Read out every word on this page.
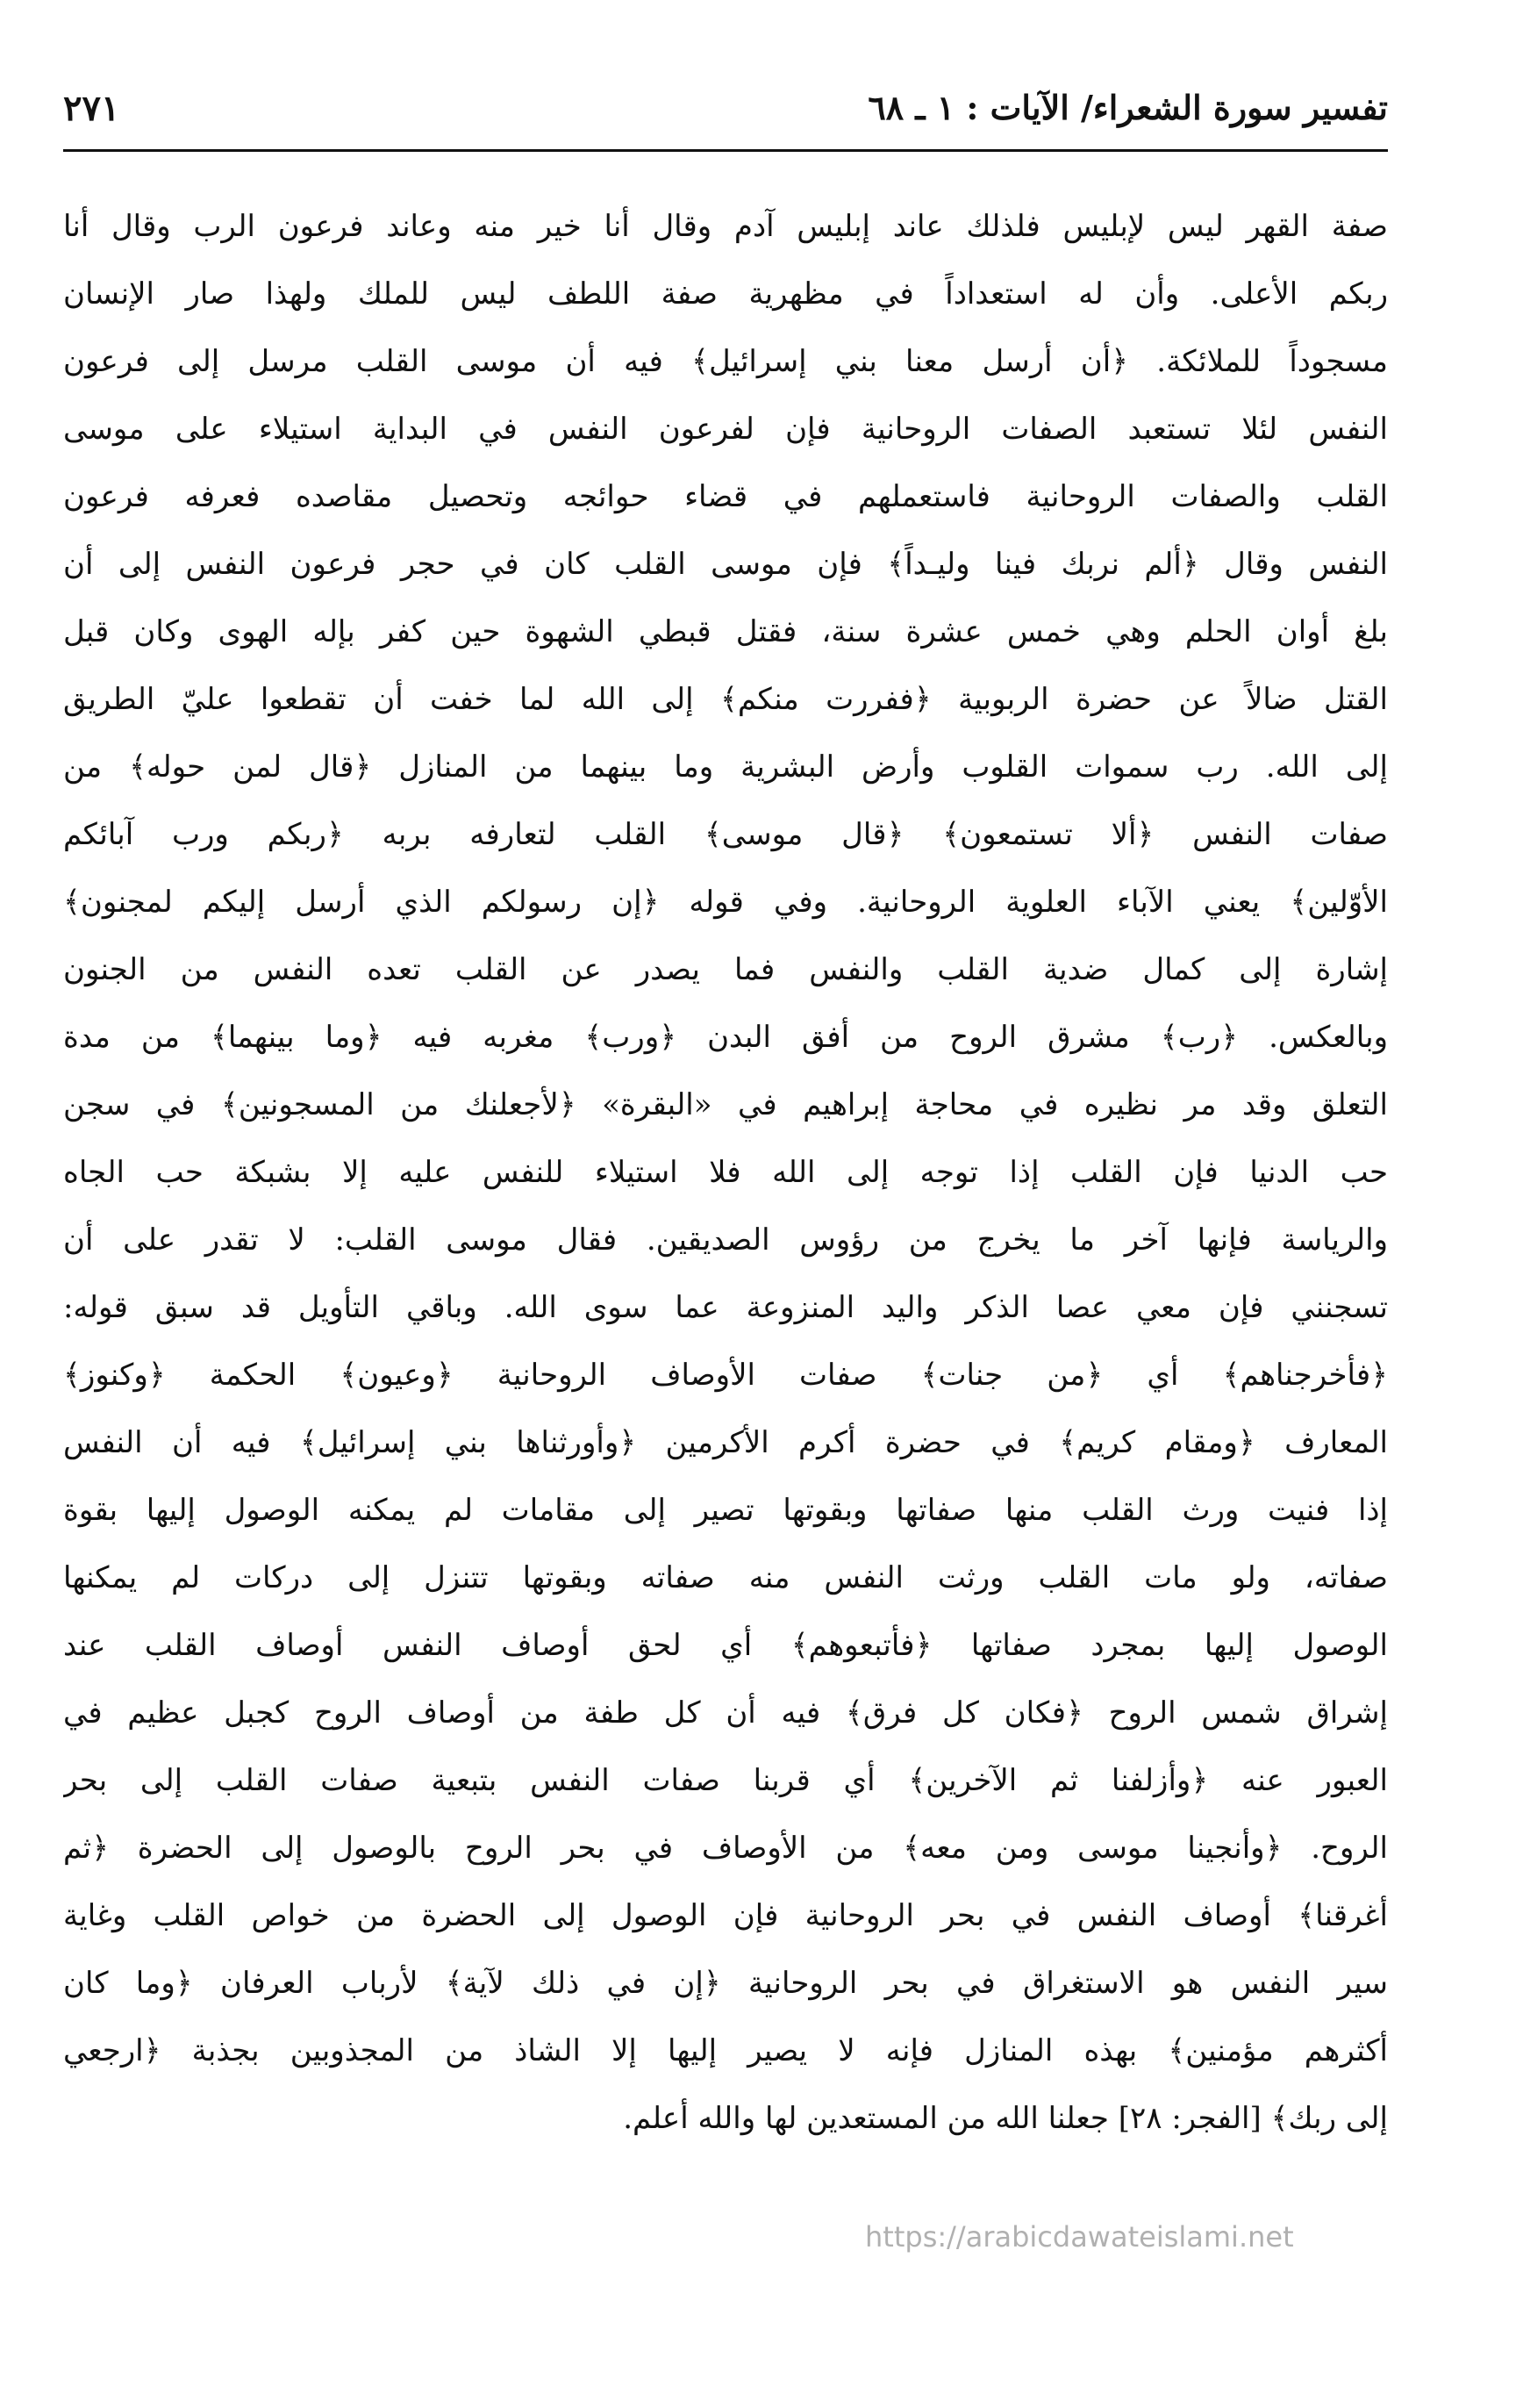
تفسير سورة الشعراء/ الآيات : ١ ـ ٦٨
٢٧١
صفة القهر ليس لإبليس فلذلك عاند إبليس آدم وقال أنا خير منه وعاند فرعون الرب وقال أنا
ربكم الأعلى. وأن له استعداداً في مظهرية صفة اللطف ليس للملك ولهذا صار الإنسان
مسجوداً للملائكة. ﴿أن أرسل معنا بني إسرائيل﴾ فيه أن موسى القلب مرسل إلى فرعون
النفس لئلا تستعبد الصفات الروحانية فإن لفرعون النفس في البداية استيلاء على موسى
القلب والصفات الروحانية فاستعملهم في قضاء حوائجه وتحصيل مقاصده فعرفه فرعون
النفس وقال ﴿ألم نربك فينا وليـداً﴾ فإن موسى القلب كان في حجر فرعون النفس إلى أن
بلغ أوان الحلم وهي خمس عشرة سنة، فقتل قبطي الشهوة حين كفر بإله الهوى وكان قبل
القتل ضالاً عن حضرة الربوبية ﴿ففررت منكم﴾ إلى الله لما خفت أن تقطعوا عليّ الطريق
إلى الله. رب سموات القلوب وأرض البشرية وما بينهما من المنازل ﴿قال لمن حوله﴾ من
صفات النفس ﴿ألا تستمعون﴾ ﴿قال موسى﴾ القلب لتعارفه بربه ﴿ربكم ورب آبائكم
الأوّلين﴾ يعني الآباء العلوية الروحانية. وفي قوله ﴿إن رسولكم الذي أرسل إليكم لمجنون﴾
إشارة إلى كمال ضدية القلب والنفس فما يصدر عن القلب تعده النفس من الجنون
وبالعكس. ﴿رب﴾ مشرق الروح من أفق البدن ﴿ورب﴾ مغربه فيه ﴿وما بينهما﴾ من مدة
التعلق وقد مر نظيره في محاجة إبراهيم في «البقرة» ﴿لأجعلنك من المسجونين﴾ في سجن
حب الدنيا فإن القلب إذا توجه إلى الله فلا استيلاء للنفس عليه إلا بشبكة حب الجاه
والرياسة فإنها آخر ما يخرج من رؤوس الصديقين. فقال موسى القلب: لا تقدر على أن
تسجنني فإن معي عصا الذكر واليد المنزوعة عما سوى الله. وباقي التأويل قد سبق قوله:
﴿فأخرجناهم﴾ أي ﴿من جنات﴾ صفات الأوصاف الروحانية ﴿وعيون﴾ الحكمة ﴿وكنوز﴾
المعارف ﴿ومقام كريم﴾ في حضرة أكرم الأكرمين ﴿وأورثناها بني إسرائيل﴾ فيه أن النفس
إذا فنيت ورث القلب منها صفاتها وبقوتها تصير إلى مقامات لم يمكنه الوصول إليها بقوة
صفاته، ولو مات القلب ورثت النفس منه صفاته وبقوتها تتنزل إلى دركات لم يمكنها
الوصول إليها بمجرد صفاتها ﴿فأتبعوهم﴾ أي لحق أوصاف النفس أوصاف القلب عند
إشراق شمس الروح ﴿فكان كل فرق﴾ فيه أن كل طفة من أوصاف الروح كجبل عظيم في
العبور عنه ﴿وأزلفنا ثم الآخرين﴾ أي قربنا صفات النفس بتبعية صفات القلب إلى بحر
الروح. ﴿وأنجينا موسى ومن معه﴾ من الأوصاف في بحر الروح بالوصول إلى الحضرة ﴿ثم
أغرقنا﴾ أوصاف النفس في بحر الروحانية فإن الوصول إلى الحضرة من خواص القلب وغاية
سير النفس هو الاستغراق في بحر الروحانية ﴿إن في ذلك لآية﴾ لأرباب العرفان ﴿وما كان
أكثرهم مؤمنين﴾ بهذه المنازل فإنه لا يصير إليها إلا الشاذ من المجذوبين بجذبة ﴿ارجعي
إلى ربك﴾ [الفجر: ٢٨] جعلنا الله من المستعدين لها والله أعلم.
https://arabicdawateislami.net
